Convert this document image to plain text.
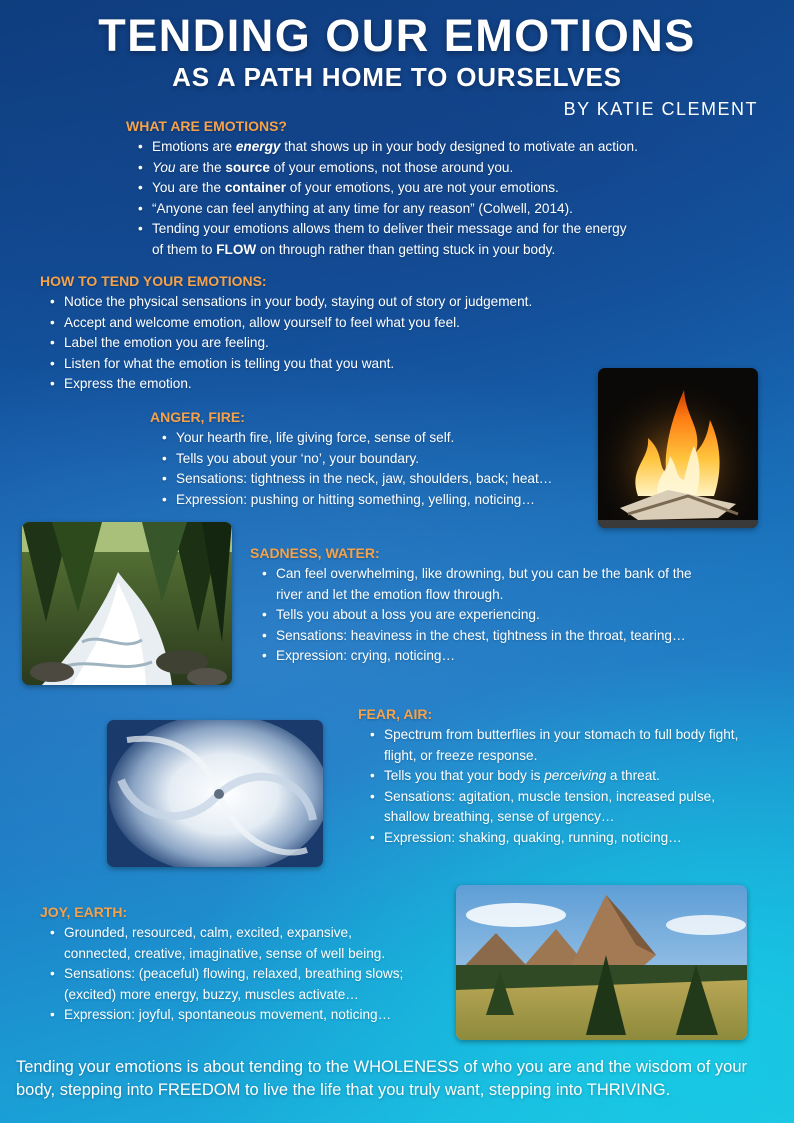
TENDING OUR EMOTIONS
AS A PATH HOME TO OURSELVES
BY KATIE CLEMENT
WHAT ARE EMOTIONS?
• Emotions are energy that shows up in your body designed to motivate an action.
• You are the source of your emotions, not those around you.
• You are the container of your emotions, you are not your emotions.
• “Anyone can feel anything at any time for any reason” (Colwell, 2014).
• Tending your emotions allows them to deliver their message and for the energy
of them to FLOW on through rather than getting stuck in your body.
HOW TO TEND YOUR EMOTIONS:
• Notice the physical sensations in your body, staying out of story or judgement.
• Accept and welcome emotion, allow yourself to feel what you feel.
• Label the emotion you are feeling.
• Listen for what the emotion is telling you that you want.
• Express the emotion.
ANGER, FIRE:
• Your hearth fire, life giving force, sense of self.
• Tells you about your ‘no’, your boundary.
• Sensations: tightness in the neck, jaw, shoulders, back; heat…
• Expression: pushing or hitting something, yelling, noticing…
SADNESS, WATER:
• Can feel overwhelming, like drowning, but you can be the bank of the river and let the emotion flow through.
• Tells you about a loss you are experiencing.
• Sensations: heaviness in the chest, tightness in the throat, tearing…
• Expression: crying, noticing…
FEAR, AIR:
• Spectrum from butterflies in your stomach to full body fight, flight, or freeze response.
• Tells you that your body is perceiving a threat.
• Sensations: agitation, muscle tension, increased pulse, shallow breathing, sense of urgency…
• Expression: shaking, quaking, running, noticing…
JOY, EARTH:
• Grounded, resourced, calm, excited, expansive, connected, creative, imaginative, sense of well being.
• Sensations: (peaceful) flowing, relaxed, breathing slows; (excited) more energy, buzzy, muscles activate…
• Expression: joyful, spontaneous movement, noticing…

Tending your emotions is about tending to the WHOLENESS of who you are and the wisdom of your body, stepping into FREEDOM to live the life that you truly want, stepping into THRIVING.
